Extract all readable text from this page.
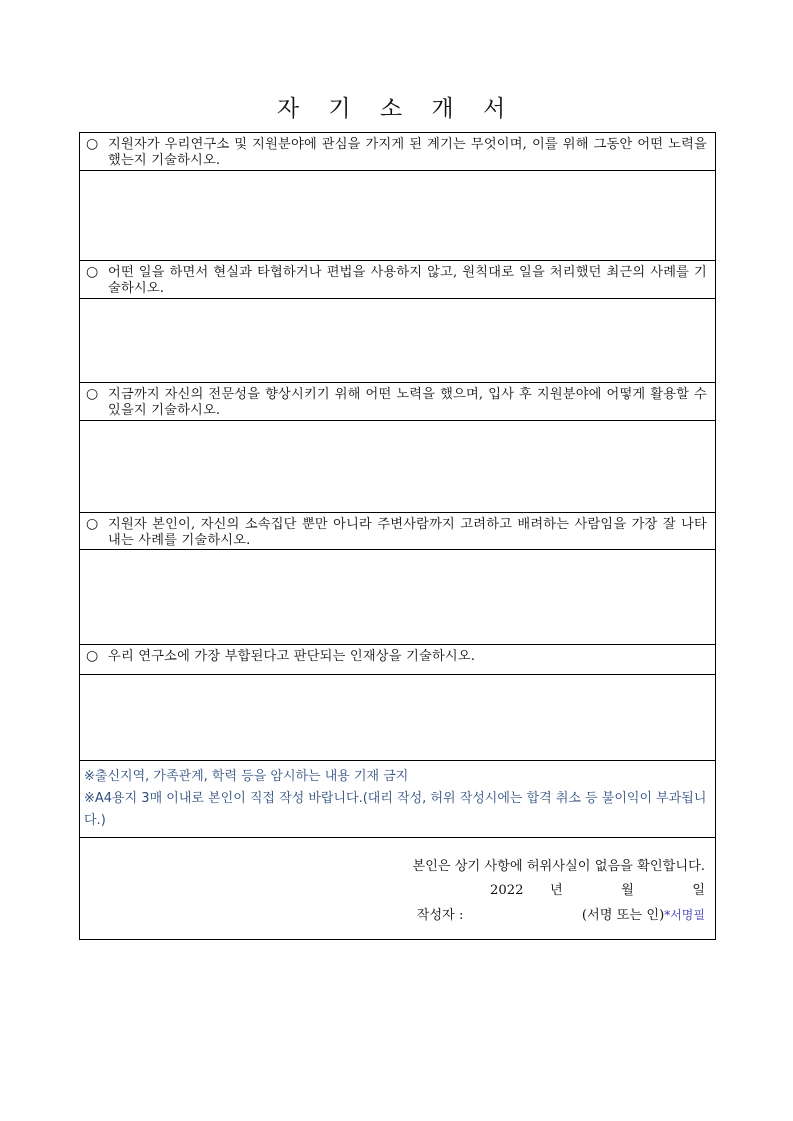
자 기 소 개 서
○ 지원자가 우리연구소 및 지원분야에 관심을 가지게 된 계기는 무엇이며, 이를 위해 그동안 어떤 노력을 했는지 기술하시오.

○ 어떤 일을 하면서 현실과 타협하거나 편법을 사용하지 않고, 원칙대로 일을 처리했던 최근의 사례를 기술하시오.

○ 지금까지 자신의 전문성을 향상시키기 위해 어떤 노력을 했으며, 입사 후 지원분야에 어떻게 활용할 수 있을지 기술하시오.

○ 지원자 본인이, 자신의 소속집단 뿐만 아니라 주변사람까지 고려하고 배려하는 사람임을 가장 잘 나타내는 사례를 기술하시오.

○ 우리 연구소에 가장 부합된다고 판단되는 인재상을 기술하시오.

※출신지역, 가족관계, 학력 등을 암시하는 내용 기재 금지
※A4용지 3매 이내로 본인이 직접 작성 바랍니다.(대리 작성, 허위 작성시에는 합격 취소 등 불이익이 부과됩니다.)

본인은 상기 사항에 허위사실이 없음을 확인합니다.
2022 년	월	일
작성자 :	(서명 또는 인)*서명필
